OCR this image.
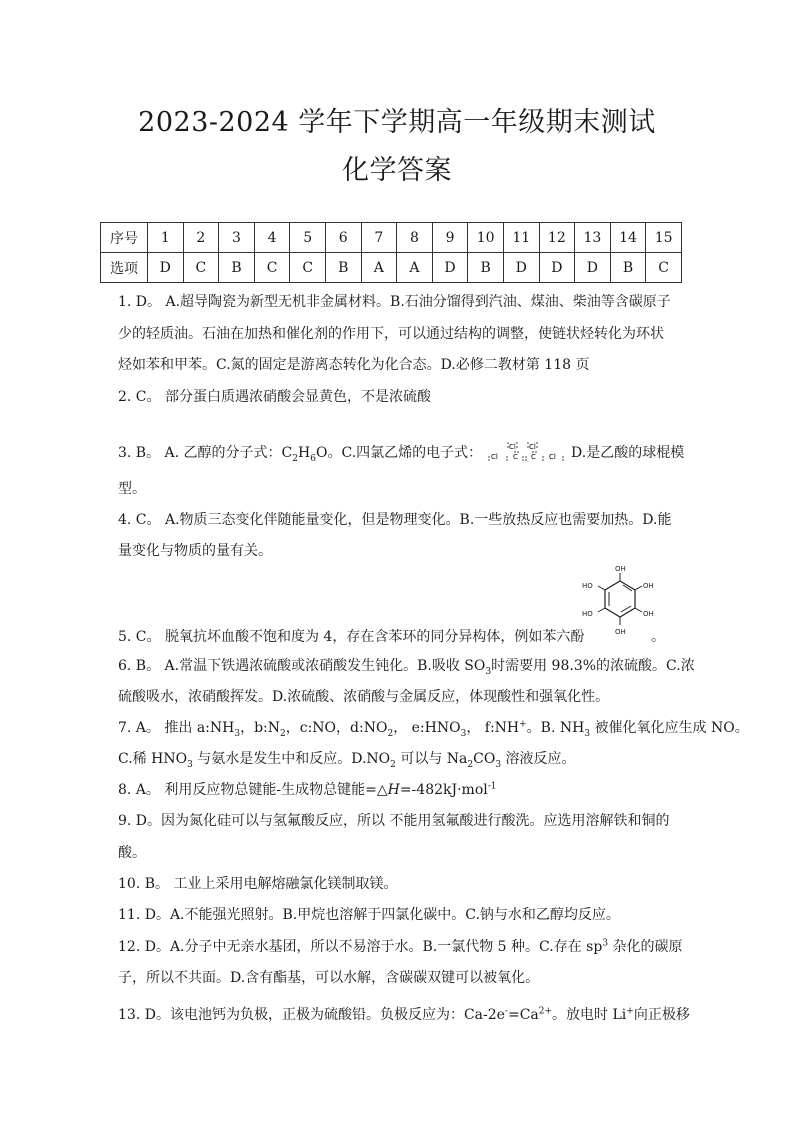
2023-2024 学年下学期高一年级期末测试
化学答案
序号	1	2	3	4	5	6	7	8	9	10	11	12	13	14	15
选项	D	C	B	C	C	B	A	A	D	B	D	D	D	B	C
1. D。 A.超导陶瓷为新型无机非金属材料。B.石油分馏得到汽油、煤油、柴油等含碳原子
少的轻质油。石油在加热和催化剂的作用下，可以通过结构的调整，使链状烃转化为环状
烃如苯和甲苯。C.氮的固定是游离态转化为化合态。D.必修二教材第 118 页
2. C。 部分蛋白质遇浓硝酸会显黄色，不是浓硫酸
3. B。 A. 乙醇的分子式：$C_2H_6O$。C.四氯乙烯的电子式：	Cl Cl
Cl	Cl
C C	D.是乙酸的球棍模
型。
4. C。 A.物质三态变化伴随能量变化，但是物理变化。B.一些放热反应也需要加热。D.能
量变化与物质的量有关。
OH
OH
OH
OH
HO
HO
5. C。 脱氧抗坏血酸不饱和度为 4，存在含苯环的同分异构体，例如苯六酚	。
6. B。 A.常温下铁遇浓硫酸或浓硝酸发生钝化。B.吸收 $SO_3$时需要用 98.3%的浓硫酸。C.浓
硫酸吸水，浓硝酸挥发。D.浓硫酸、浓硝酸与金属反应，体现酸性和强氧化性。
7. A。 推出 $a:NH_3$，$b:N_2$，c:NO，$d:NO_2$， $e:HNO_3$， $f:NH_+$。B. $NH_3$ 被催化氧化应生成 NO。
C.稀 $HNO_3$ 与氨水是发生中和反应。$D.NO_2$ 可以与 $Na_2CO_3$ 溶液反应。
8. A。 利用反应物总键能-生成物总键能=△H=-482kJ·mol$^{-1}$
9. D。因为氮化硅可以与氢氟酸反应，所以 不能用氢氟酸进行酸洗。应选用溶解铁和铜的
酸。
10. B。 工业上采用电解熔融氯化镁制取镁。
11. D。A.不能强光照射。B.甲烷也溶解于四氯化碳中。C.钠与水和乙醇均反应。
12. D。A.分子中无亲水基团，所以不易溶于水。B.一氯代物 5 种。C.存在 $sp^3$ 杂化的碳原
子，所以不共面。D.含有酯基，可以水解，含碳碳双键可以被氧化。
13. D。该电池钙为负极，正极为硫酸铅。负极反应为：$Ca-2e^-=Ca^{2+}$。放电时 Li+向正极移
